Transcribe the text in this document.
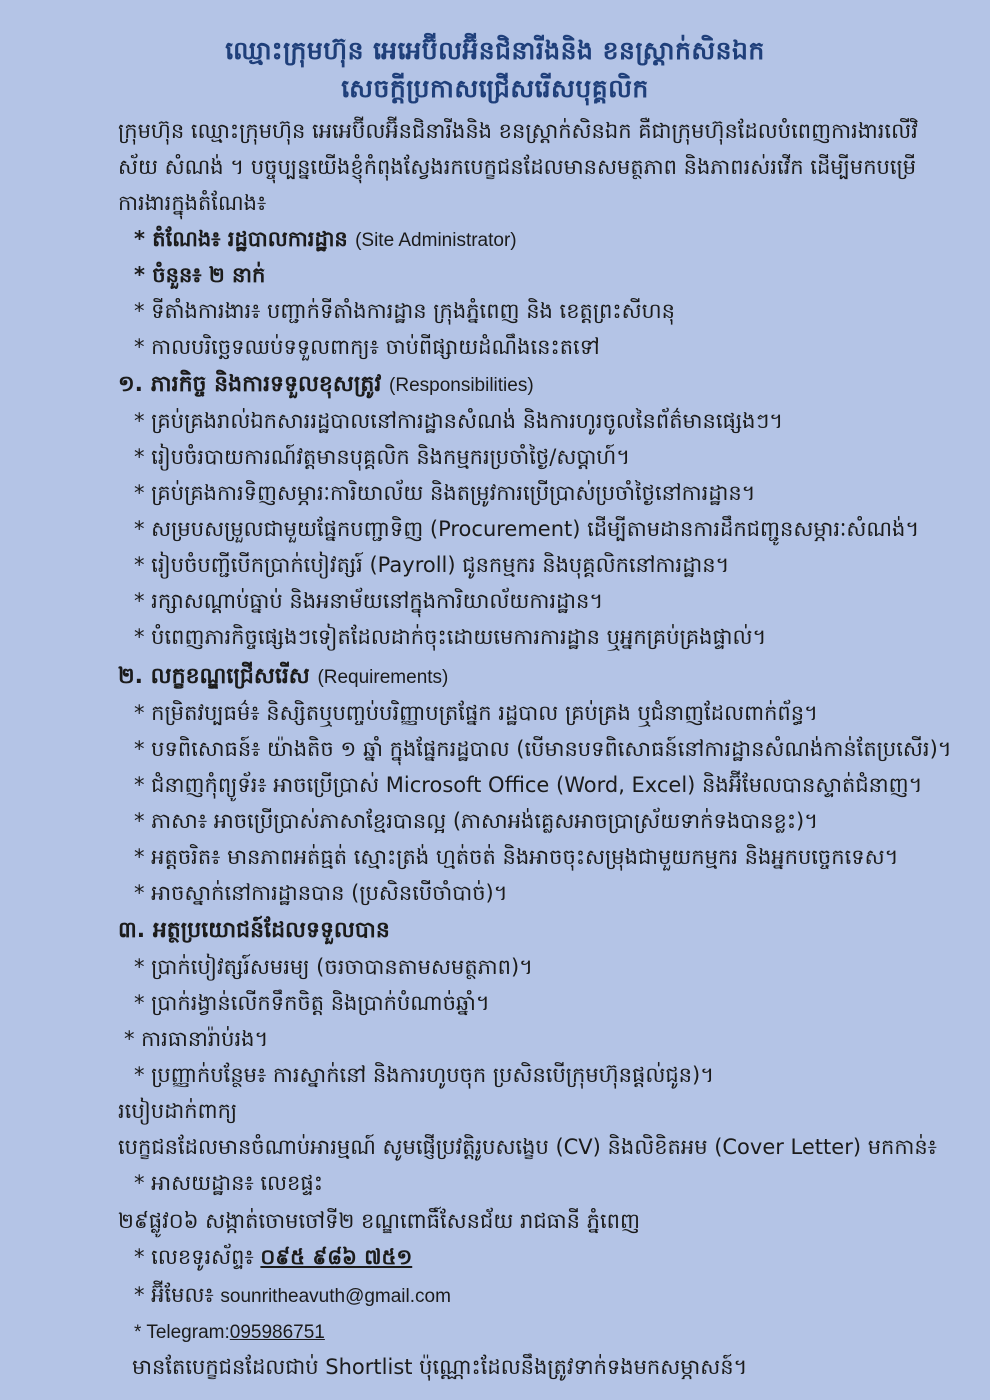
ឈ្មោះក្រុមហ៊ុន អេអេប៊ីលអ៊ីនជិនារីងនិង ខនស្ត្រាក់សិនឯក
សេចក្តីប្រកាសជ្រើសរើសបុគ្គលិក
ក្រុមហ៊ុន ឈ្មោះក្រុមហ៊ុន អេអេប៊ីលអ៊ីនជិនារីងនិង ខនស្ត្រាក់សិនឯក គឺជាក្រុមហ៊ុនដែលបំពេញការងារលើវិ
ស័យ សំណង់ ។ បច្ចុប្បន្នយើងខ្ញុំកំពុងស្វែងរកបេក្ខជនដែលមានសមត្ថភាព និងភាពរស់រវើក ដើម្បីមកបម្រើ
ការងារក្នុងតំណែង៖
* តំណែង៖ រដ្ឋបាលការដ្ឋាន (Site Administrator)
* ចំនួន៖ ២ នាក់
* ទីតាំងការងារ៖ បញ្ជាក់ទីតាំងការដ្ឋាន ក្រុងភ្នំពេញ និង ខេត្តព្រះសីហនុ
* កាលបរិច្ឆេទឈប់ទទួលពាក្យ៖ ចាប់ពីផ្សាយដំណឹងនេះតទៅ
១. ភារកិច្ច និងការទទួលខុសត្រូវ (Responsibilities)
* គ្រប់គ្រងរាល់ឯកសាររដ្ឋបាលនៅការដ្ឋានសំណង់ និងការហូរចូលនៃព័ត៌មានផ្សេងៗ។
* រៀបចំរបាយការណ៍វត្តមានបុគ្គលិក និងកម្មករប្រចាំថ្ងៃ/សប្តាហ៍។
* គ្រប់គ្រងការទិញសម្ភារៈការិយាល័យ និងតម្រូវការប្រើប្រាស់ប្រចាំថ្ងៃនៅការដ្ឋាន។
* សម្របសម្រួលជាមួយផ្នែកបញ្ជាទិញ (Procurement) ដើម្បីតាមដានការដឹកជញ្ជូនសម្ភារៈសំណង់។
* រៀបចំបញ្ជីបើកប្រាក់បៀវត្សរ៍ (Payroll) ជូនកម្មករ និងបុគ្គលិកនៅការដ្ឋាន។
* រក្សាសណ្តាប់ធ្នាប់ និងអនាម័យនៅក្នុងការិយាល័យការដ្ឋាន។
* បំពេញភារកិច្ចផ្សេងៗទៀតដែលដាក់ចុះដោយមេការការដ្ឋាន ឬអ្នកគ្រប់គ្រងផ្ទាល់។
២. លក្ខខណ្ឌជ្រើសរើស (Requirements)
* កម្រិតវប្បធម៌៖ និស្សិតឬបញ្ចប់បរិញ្ញាបត្រផ្នែក រដ្ឋបាល គ្រប់គ្រង ឬជំនាញដែលពាក់ព័ន្ធ។
* បទពិសោធន៍៖ យ៉ាងតិច ១ ឆ្នាំ ក្នុងផ្នែករដ្ឋបាល (បើមានបទពិសោធន៍នៅការដ្ឋានសំណង់កាន់តែប្រសើរ)។
* ជំនាញកុំព្យូទ័រ៖ អាចប្រើប្រាស់ Microsoft Office (Word, Excel) និងអ៊ីមែលបានស្ទាត់ជំនាញ។
* ភាសា៖ អាចប្រើប្រាស់ភាសាខ្មែរបានល្អ (ភាសាអង់គ្លេសអាចប្រាស្រ័យទាក់ទងបានខ្លះ)។
* អត្តចរិត៖ មានភាពអត់ធ្មត់ ស្មោះត្រង់ ហ្មត់ចត់ និងអាចចុះសម្រុងជាមួយកម្មករ និងអ្នកបច្ចេកទេស។
* អាចស្នាក់នៅការដ្ឋានបាន (ប្រសិនបើចាំបាច់)។
៣. អត្ថប្រយោជន៍ដែលទទួលបាន
* ប្រាក់បៀវត្សរ៍សមរម្យ (ចរចាបានតាមសមត្ថភាព)។
* ប្រាក់រង្វាន់លើកទឹកចិត្ត និងប្រាក់បំណាច់ឆ្នាំ។
* ការធានារ៉ាប់រង។
* ប្រញ្ញាក់បន្ថែម៖ ការស្នាក់នៅ និងការហូបចុក ប្រសិនបើក្រុមហ៊ុនផ្តល់ជូន)។
របៀបដាក់ពាក្យ
បេក្ខជនដែលមានចំណាប់អារម្មណ៍ សូមផ្ញើប្រវត្តិរូបសង្ខេប (CV) និងលិខិតអម (Cover Letter) មកកាន់៖
* អាសយដ្ឋាន៖ លេខផ្ទះ
២៩ផ្លូវ០៦ សង្កាត់ចោមចៅទី២ ខណ្ឌពោធិ៍សែនជ័យ រាជធានី ភ្នំពេញ
* លេខទូរស័ព្ទ៖ ០៩៥ ៩៨៦ ៧៥១
* អ៊ីមែល៖ sounritheavuth@gmail.com
* Telegram:095986751
មានតែបេក្ខជនដែលជាប់ Shortlist ប៉ុណ្ណោះដែលនឹងត្រូវទាក់ទងមកសម្ភាសន៍។
